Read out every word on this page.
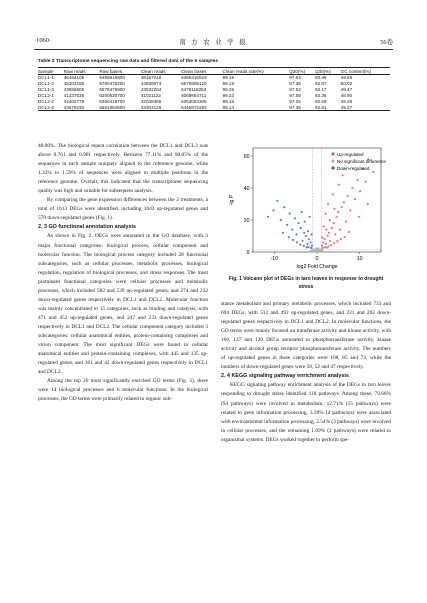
·1060·	南 方 农 业 学 报	56卷
Table 3 Transcriptome sequencing raw data and filtered data of the 6 samples
Sample	Raw reads	Raw bases	Clean reads	Clean bases	Clean reads rate(%)	Q20(%)	Q30(%)	GC content(%)
DCL1-1	36464106	5469615900	36167218	5385316523	99.19	97.63	93.49	49.55
DCL1-2	45203168	6780475200	44836974	6675905120	99.19	97.36	92.87	50.02
DCL1-3	43856506	6578475900	43532204	6478118252	99.26	97.52	93.17	49.47
DCL2-1	41337538	6200630700	41021122	6069864711	99.23	97.59	93.36	48.90
DCL2-2	42402778	6360416700	42048486	6264083305	99.16	97.25	92.59	49.28
DCL2-3	43679230	6551884500	43304126	6445972293	99.14	97.36	92.81	49.37

48.00%. The biological repeat correlation between the DCL1 and DCL2 was above 0.761 and 0.961 respectively. Between 77.11% and 90.05% of the sequences in each sample uniquely aligned to the reference genome, while 1.33% to 1.59% of sequences were aligned to multiple positions in the reference genome. Overall, this indicated that the transcriptome sequencing quality was high and suitable for subsequent analysis.

By comparing the gene expression differences between the 2 treatments, a total of 1613 DEGs were identified, including 1043 up-regulated genes and 570 down-regulated genes (Fig. 1).

2. 3 GO functional annotation analysis

As shown in Fig. 2, DEGs were annotated in the GO database, with 3 major functional categories: biological process, cellular component and molecular function. The biological process category included 28 functional subcategories, such as cellular processes, metabolic processes, biological regulation, regulation of biological processes, and stress responses. The most prominent functional categories were cellular processes and metabolic processes, which included 582 and 539 up-regulated genes, and 274 and 232 down-regulated genes respectively in DCL1 and DCL2. Molecular function was mainly concentrated in 15 categories, such as binding and catalysis, with 471 and 452 up-regulated genes, and 247 and 233 down-regulated genes respectively in DCL1 and DCL2. The cellular component category included 3 subcategories: cellular anatomical entities, protein-containing complexes and virion component. The most significant DEGs were found in cellular anatomical entities and protein-containing complexes, with 445 and 135 up-regulated genes, and 181 and 42 down-regulated genes respectively in DCL1 and DCL2.

Among the top 20 most significantly enriched GO terms (Fig. 3), there were 14 biological processes and 6 molecular functions. In the biological processes, the GO terms were primarily related to organic sub-

-10	0	10
0
20
40
60
log2 Fold Change
-lg P
Up-regulated
No significant difference
Down-regulated
Fig. 1 Volcano plot of DEGs in taro leaves in response to drought stress

stance metabolism and primary metabolic processes, which included 733 and 694 DEGs, with 512 and 492 up-regulated genes, and 221 and 202 down-regulated genes respectively in DCL1 and DCL2. In molecular functions, the GO terms were mainly focused on transferase activity and kinase activity, with 166, 137 and 120 DEGs annotated to phosphotransferase activity, kinase activity and alcohol group receptor phosphotransferase activity. The numbers of up-regulated genes in these categories were 108, 85 and 73, while the numbers of down-regulated genes were 58, 52 and 47 respectively.

2. 4 KEGG signaling pathway enrichment analysis

KEGG signaling pathway enrichment analysis of the DEGs in taro leaves responding to drought stress identified 118 pathways. Among these, 79.66% (94 pathways) were involved in metabolism, 12.71% (15 pathways) were related to gene information processing, 3.39% (4 pathways) were associated with environmental information processing, 2.54% (3 pathways) were involved in cellular processes, and the remaining 1.69% (2 pathways) were related to organismal systems. DEGs worked together to perform spe-
